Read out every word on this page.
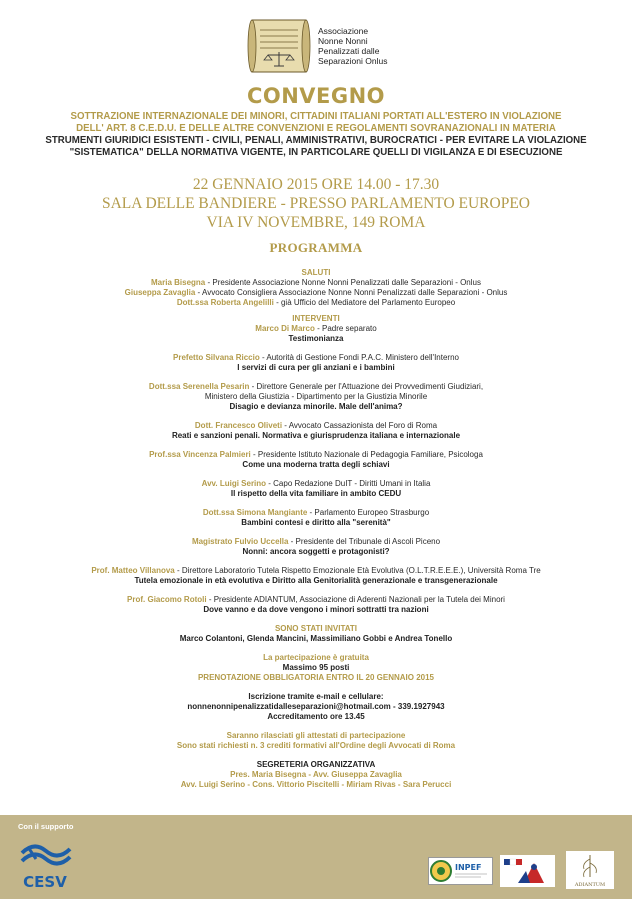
Associazione
Nonne Nonni
Penalizzati dalle
Separazioni Onlus
CONVEGNO
SOTTRAZIONE INTERNAZIONALE DEI MINORI, CITTADINI ITALIANI PORTATI ALL'ESTERO IN VIOLAZIONE
DELL' ART. 8 C.E.D.U. E DELLE ALTRE CONVENZIONI E REGOLAMENTI SOVRANAZIONALI IN MATERIA
STRUMENTI GIURIDICI ESISTENTI - CIVILI, PENALI, AMMINISTRATIVI, BUROCRATICI - PER EVITARE LA VIOLAZIONE
"SISTEMATICA" DELLA NORMATIVA VIGENTE, IN PARTICOLARE QUELLI DI VIGILANZA E DI ESECUZIONE
22 GENNAIO 2015 ORE 14.00 - 17.30
SALA DELLE BANDIERE - PRESSO PARLAMENTO EUROPEO
VIA IV NOVEMBRE, 149 ROMA
PROGRAMMA
SALUTI
Maria Bisegna - Presidente Associazione Nonne Nonni Penalizzati dalle Separazioni - Onlus
Giuseppa Zavaglia - Avvocato Consigliera Associazione Nonne Nonni Penalizzati dalle Separazioni - Onlus
Dott.ssa Roberta Angelilli - già Ufficio del Mediatore del Parlamento Europeo
INTERVENTI
Marco Di Marco - Padre separato
Testimonianza
Prefetto Silvana Riccio - Autorità di Gestione Fondi P.A.C. Ministero dell'Interno
I servizi di cura per gli anziani e i bambini
Dott.ssa Serenella Pesarin - Direttore Generale per l'Attuazione dei Provvedimenti Giudiziari,
Ministero della Giustizia - Dipartimento per la Giustizia Minorile
Disagio e devianza minorile. Male dell'anima?
Dott. Francesco Oliveti - Avvocato Cassazionista del Foro di Roma
Reati e sanzioni penali. Normativa e giurisprudenza italiana e internazionale
Prof.ssa Vincenza Palmieri - Presidente Istituto Nazionale di Pedagogia Familiare, Psicologa
Come una moderna tratta degli schiavi
Avv. Luigi Serino - Capo Redazione DuIT - Diritti Umani in Italia
Il rispetto della vita familiare in ambito CEDU
Dott.ssa Simona Mangiante - Parlamento Europeo Strasburgo
Bambini contesi e diritto alla "serenità"
Magistrato Fulvio Uccella - Presidente del Tribunale di Ascoli Piceno
Nonni: ancora soggetti e protagonisti?
Prof. Matteo Villanova - Direttore Laboratorio Tutela Rispetto Emozionale Età Evolutiva (O.L.T.R.E.E.E.), Università Roma Tre
Tutela emozionale in età evolutiva e Diritto alla Genitorialità generazionale e transgenerazionale
Prof. Giacomo Rotoli - Presidente ADIANTUM, Associazione di Aderenti Nazionali per la Tutela dei Minori
Dove vanno e da dove vengono i minori sottratti tra nazioni
SONO STATI INVITATI
Marco Colantoni, Glenda Mancini, Massimiliano Gobbi e Andrea Tonello
La partecipazione è gratuita
Massimo 95 posti
PRENOTAZIONE OBBLIGATORIA ENTRO IL 20 GENNAIO 2015
Iscrizione tramite e-mail e cellulare:
nonnenonnipenalizzatidalleseparazioni@hotmail.com - 339.1927943
Accreditamento ore 13.45
Saranno rilasciati gli attestati di partecipazione
Sono stati richiesti n. 3 crediti formativi all'Ordine degli Avvocati di Roma
SEGRETERIA ORGANIZZATIVA
Pres. Maria Bisegna - Avv. Giuseppa Zavaglia
Avv. Luigi Serino - Cons. Vittorio Piscitelli - Miriam Rivas - Sara Perucci
Con il supporto
CESV
INPEF
ADIANTUM
